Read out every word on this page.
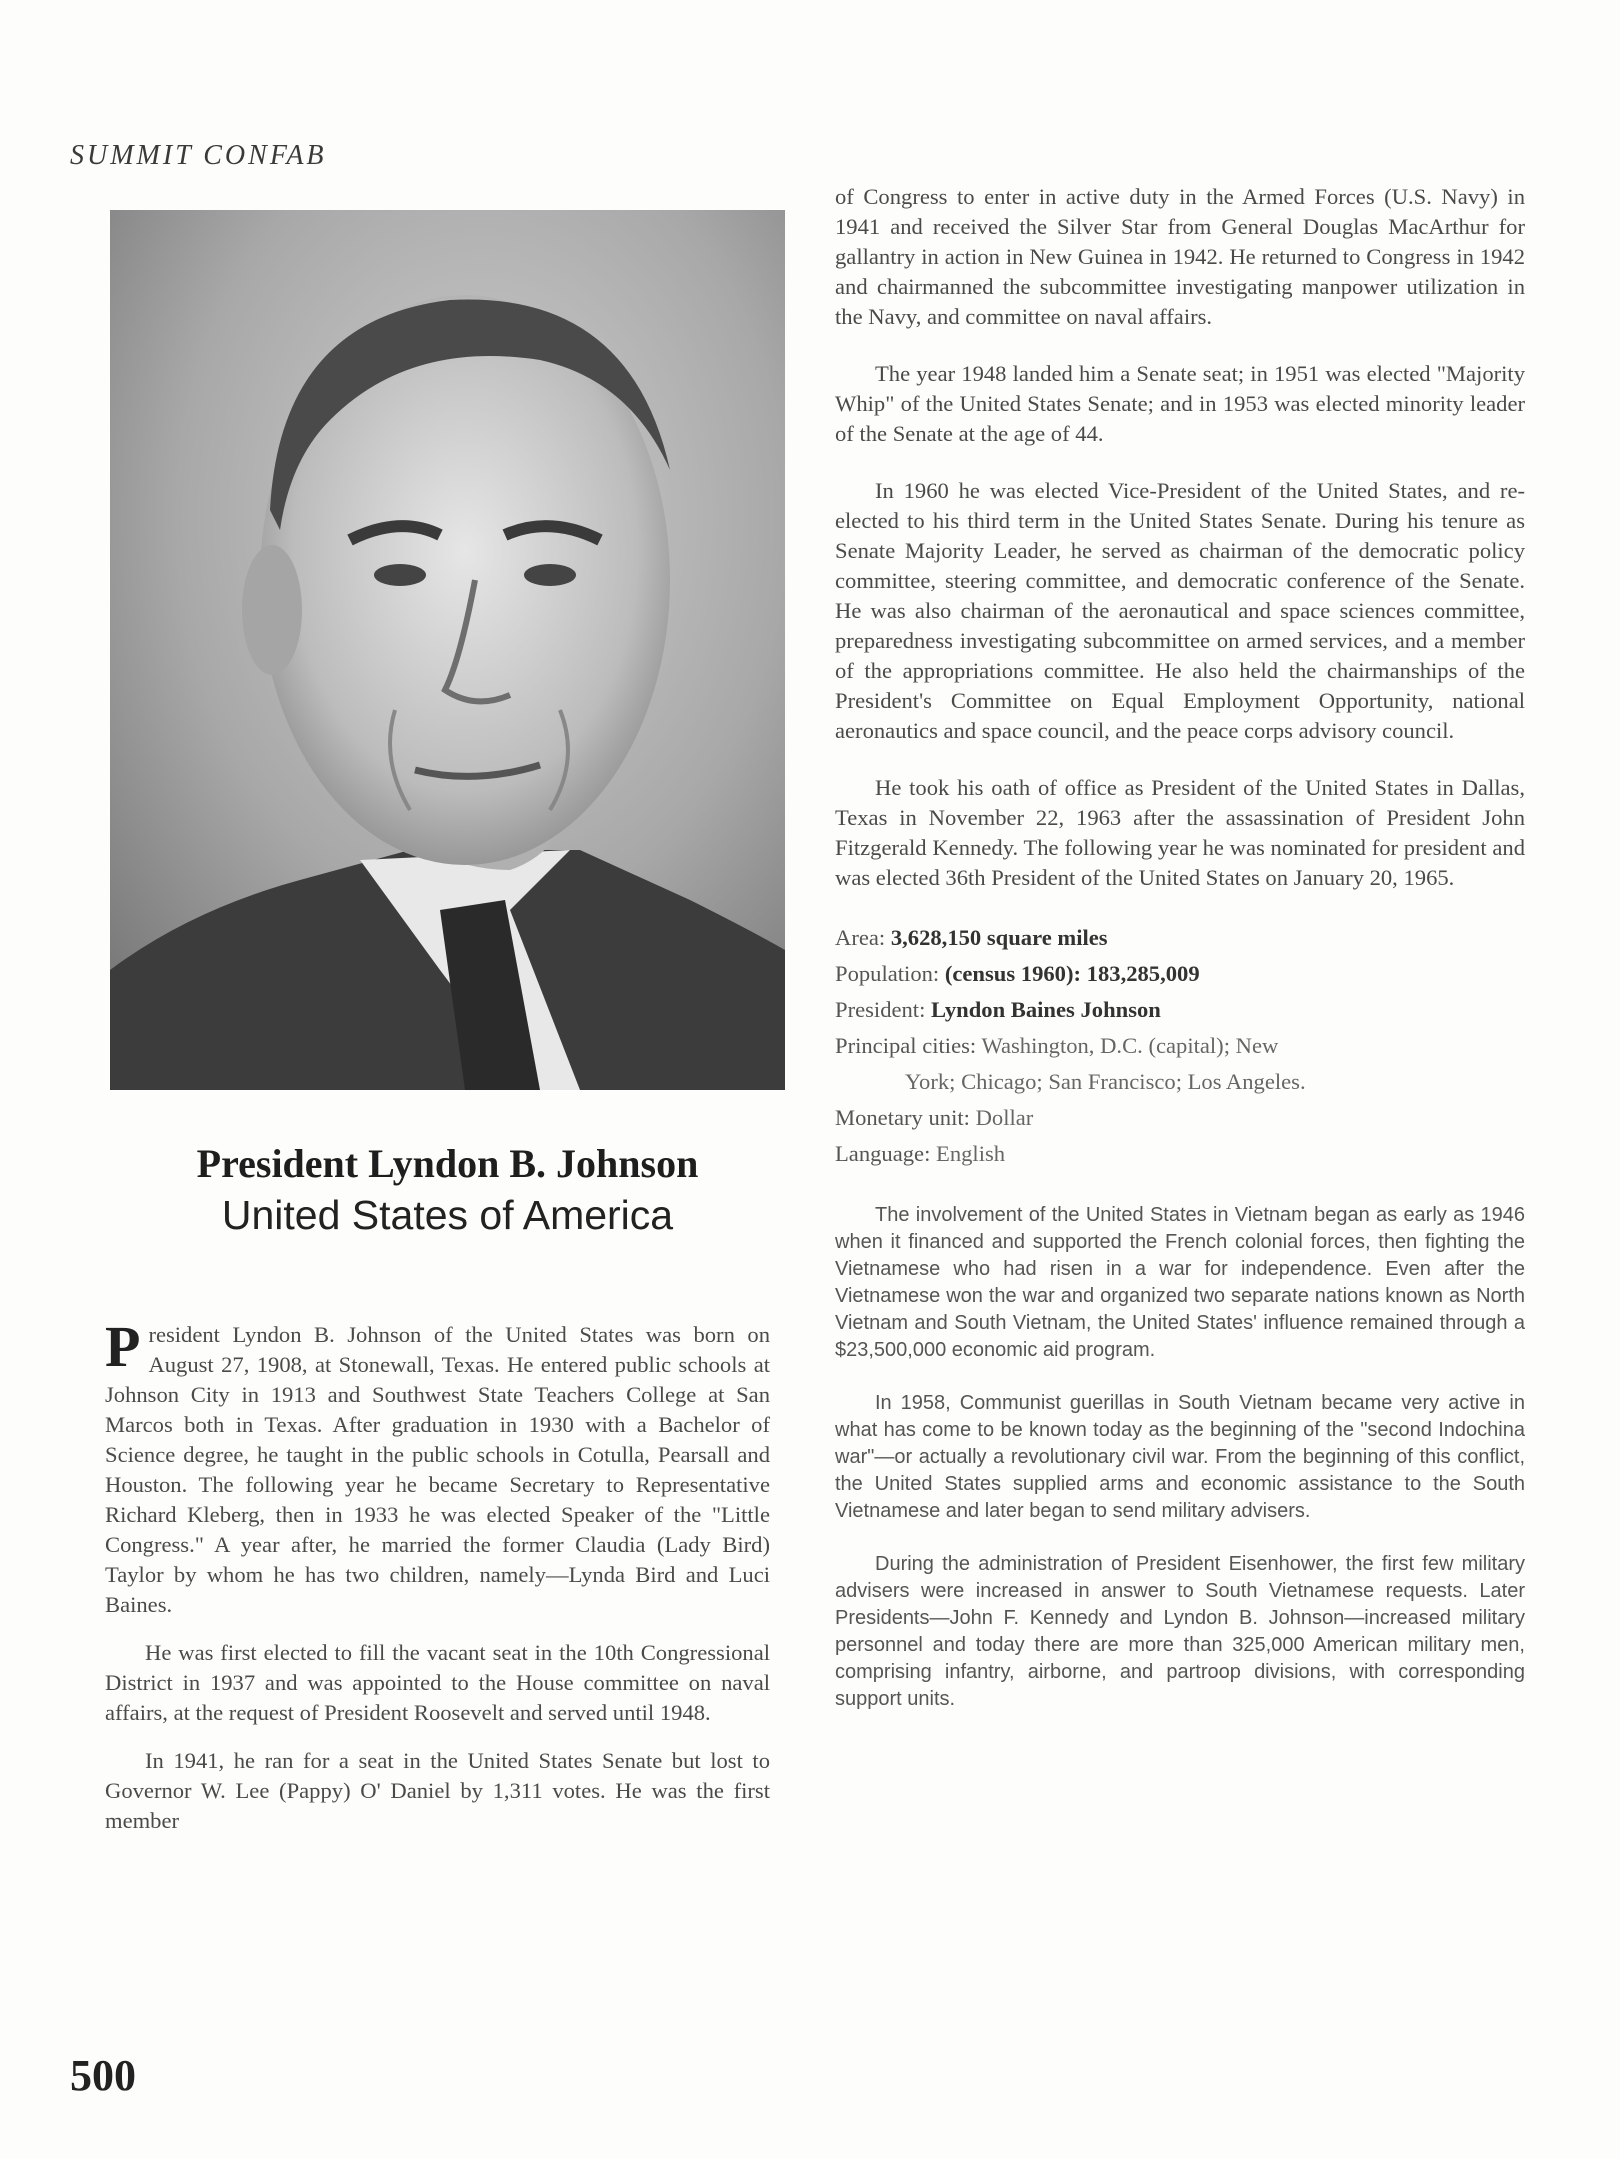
SUMMIT CONFAB
President Lyndon B. Johnson
United States of America

President Lyndon B. Johnson of the United States was born on August 27, 1908, at Stonewall, Texas. He entered public schools at Johnson City in 1913 and Southwest State Teachers College at San Marcos both in Texas. After graduation in 1930 with a Bachelor of Science degree, he taught in the public schools in Cotulla, Pearsall and Houston. The following year he became Secretary to Representative Richard Kleberg, then in 1933 he was elected Speaker of the "Little Congress." A year after, he married the former Claudia (Lady Bird) Taylor by whom he has two children, namely—Lynda Bird and Luci Baines.

He was first elected to fill the vacant seat in the 10th Congressional District in 1937 and was appointed to the House committee on naval affairs, at the request of President Roosevelt and served until 1948.

In 1941, he ran for a seat in the United States Senate but lost to Governor W. Lee (Pappy) O' Daniel by 1,311 votes. He was the first member

of Congress to enter in active duty in the Armed Forces (U.S. Navy) in 1941 and received the Silver Star from General Douglas MacArthur for gallantry in action in New Guinea in 1942. He returned to Congress in 1942 and chairmanned the subcommittee investigating manpower utilization in the Navy, and committee on naval affairs.

The year 1948 landed him a Senate seat; in 1951 was elected "Majority Whip" of the United States Senate; and in 1953 was elected minority leader of the Senate at the age of 44.

In 1960 he was elected Vice-President of the United States, and re-elected to his third term in the United States Senate. During his tenure as Senate Majority Leader, he served as chairman of the democratic policy committee, steering committee, and democratic conference of the Senate. He was also chairman of the aeronautical and space sciences committee, preparedness investigating subcommittee on armed services, and a member of the appropriations committee. He also held the chairmanships of the President's Committee on Equal Employment Opportunity, national aeronautics and space council, and the peace corps advisory council.

He took his oath of office as President of the United States in Dallas, Texas in November 22, 1963 after the assassination of President John Fitzgerald Kennedy. The following year he was nominated for president and was elected 36th President of the United States on January 20, 1965.

Area: 3,628,150 square miles
Population: (census 1960): 183,285,009
President: Lyndon Baines Johnson
Principal cities: Washington, D.C. (capital); New
York; Chicago; San Francisco; Los Angeles.
Monetary unit: Dollar
Language: English

The involvement of the United States in Vietnam began as early as 1946 when it financed and supported the French colonial forces, then fighting the Vietnamese who had risen in a war for independence. Even after the Vietnamese won the war and organized two separate nations known as North Vietnam and South Vietnam, the United States' influence remained through a $23,500,000 economic aid program.

In 1958, Communist guerillas in South Vietnam became very active in what has come to be known today as the beginning of the "second Indochina war"—or actually a revolutionary civil war. From the beginning of this conflict, the United States supplied arms and economic assistance to the South Vietnamese and later began to send military advisers.

During the administration of President Eisenhower, the first few military advisers were increased in answer to South Vietnamese requests. Later Presidents—John F. Kennedy and Lyndon B. Johnson—increased military personnel and today there are more than 325,000 American military men, comprising infantry, airborne, and partroop divisions, with corresponding support units.

500
